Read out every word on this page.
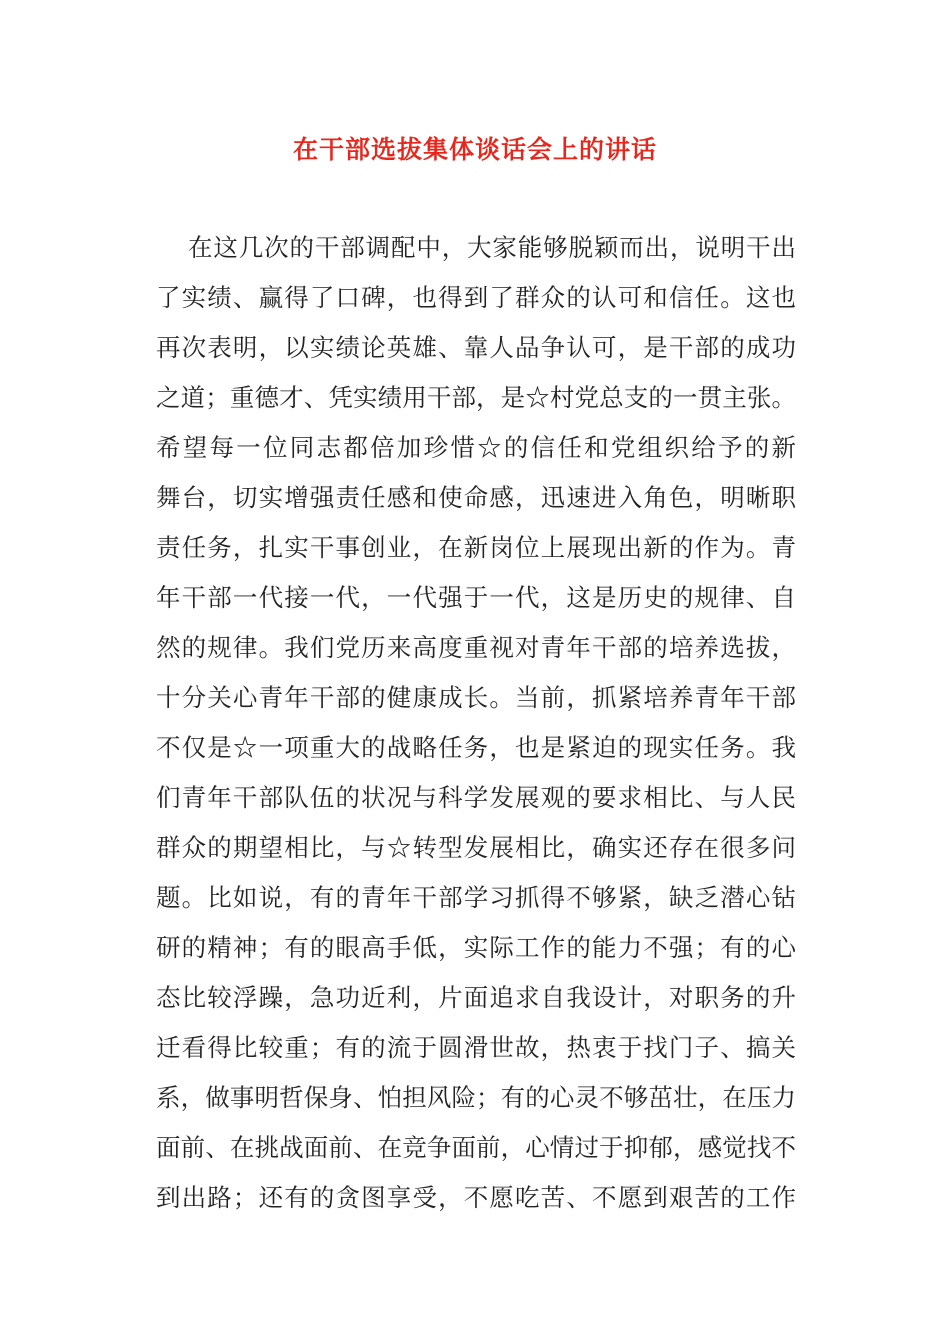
在干部选拔集体谈话会上的讲话
在这几次的干部调配中，大家能够脱颖而出，说明干出
了实绩、赢得了口碑，也得到了群众的认可和信任。这也
再次表明，以实绩论英雄、靠人品争认可，是干部的成功
之道；重德才、凭实绩用干部，是☆村党总支的一贯主张。
希望每一位同志都倍加珍惜☆的信任和党组织给予的新
舞台，切实增强责任感和使命感，迅速进入角色，明晰职
责任务，扎实干事创业，在新岗位上展现出新的作为。青
年干部一代接一代，一代强于一代，这是历史的规律、自
然的规律。我们党历来高度重视对青年干部的培养选拔，
十分关心青年干部的健康成长。当前，抓紧培养青年干部
不仅是☆一项重大的战略任务，也是紧迫的现实任务。我
们青年干部队伍的状况与科学发展观的要求相比、与人民
群众的期望相比，与☆转型发展相比，确实还存在很多问
题。比如说，有的青年干部学习抓得不够紧，缺乏潜心钻
研的精神；有的眼高手低，实际工作的能力不强；有的心
态比较浮躁，急功近利，片面追求自我设计，对职务的升
迁看得比较重；有的流于圆滑世故，热衷于找门子、搞关
系，做事明哲保身、怕担风险；有的心灵不够茁壮，在压力
面前、在挑战面前、在竞争面前，心情过于抑郁，感觉找不
到出路；还有的贪图享受，不愿吃苦、不愿到艰苦的工作
